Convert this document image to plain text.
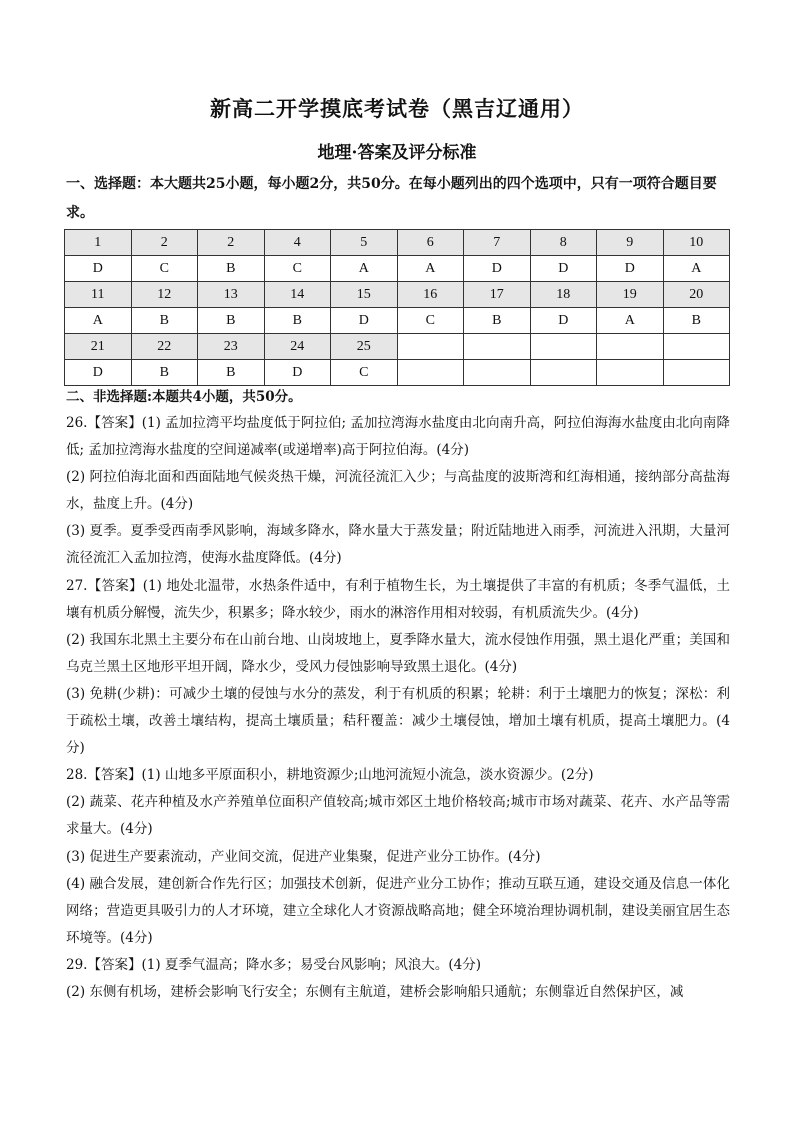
新高二开学摸底考试卷（黑吉辽通用）
地理·答案及评分标准
一、选择题：本大题共25小题，每小题2分，共50分。在每小题列出的四个选项中，只有一项符合题目要求。
1	2	2	4	5	6	7	8	9	10
D	C	B	C	A	A	D	D	D	A
11	12	13	14	15	16	17	18	19	20
A	B	B	B	D	C	B	D	A	B
21	22	23	24	25					
D	B	B	D	C					
二、非选择题:本题共4小题，共50分。

26.【答案】(1) 孟加拉湾平均盐度低于阿拉伯; 孟加拉湾海水盐度由北向南升高，阿拉伯海海水盐度由北向南降低; 孟加拉湾海水盐度的空间递减率(或递增率)高于阿拉伯海。(4分)

(2) 阿拉伯海北面和西面陆地气候炎热干燥，河流径流汇入少；与高盐度的波斯湾和红海相通，接纳部分高盐海水，盐度上升。(4分)

(3) 夏季。夏季受西南季风影响，海域多降水，降水量大于蒸发量；附近陆地进入雨季，河流进入汛期，大量河流径流汇入孟加拉湾，使海水盐度降低。(4分)

27.【答案】(1) 地处北温带，水热条件适中，有利于植物生长，为土壤提供了丰富的有机质；冬季气温低，土壤有机质分解慢，流失少，积累多；降水较少，雨水的淋溶作用相对较弱，有机质流失少。(4分)

(2) 我国东北黑土主要分布在山前台地、山岗坡地上，夏季降水量大，流水侵蚀作用强，黑土退化严重；美国和乌克兰黑土区地形平坦开阔，降水少，受风力侵蚀影响导致黑土退化。(4分)

(3) 免耕(少耕)：可减少土壤的侵蚀与水分的蒸发，利于有机质的积累；轮耕：利于土壤肥力的恢复；深松：利于疏松土壤，改善土壤结构，提高土壤质量；秸秆覆盖：减少土壤侵蚀，增加土壤有机质，提高土壤肥力。(4分)

28.【答案】(1) 山地多平原面积小，耕地资源少;山地河流短小流急，淡水资源少。(2分)

(2) 蔬菜、花卉种植及水产养殖单位面积产值较高;城市郊区土地价格较高;城市市场对蔬菜、花卉、水产品等需求量大。(4分)

(3) 促进生产要素流动，产业间交流，促进产业集聚，促进产业分工协作。(4分)

(4) 融合发展，建创新合作先行区；加强技术创新，促进产业分工协作；推动互联互通，建设交通及信息一体化网络；营造更具吸引力的人才环境，建立全球化人才资源战略高地；健全环境治理协调机制，建设美丽宜居生态环境等。(4分)

29.【答案】(1) 夏季气温高；降水多；易受台风影响；风浪大。(4分)

(2) 东侧有机场，建桥会影响飞行安全；东侧有主航道，建桥会影响船只通航；东侧靠近自然保护区，减
